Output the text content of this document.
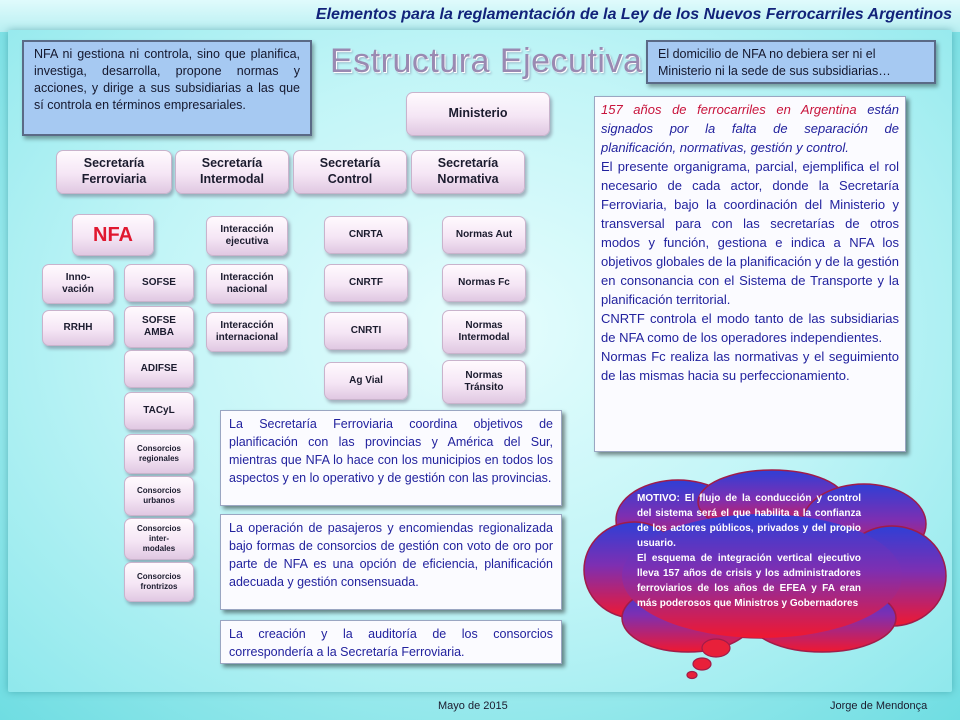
Elementos para la reglamentación de la Ley de los Nuevos Ferrocarriles Argentinos
Estructura Ejecutiva
NFA ni gestiona ni controla, sino que planifica, investiga, desarrolla, propone normas y acciones, y dirige a sus subsidiarias a las que sí controla en términos empresariales.
El domicilio de NFA no debiera ser ni el Ministerio ni la sede de sus subsidiarias…
Ministerio
Secretaría
Ferroviaria
Secretaría
Intermodal
Secretaría
Control
Secretaría
Normativa
NFA
Inno-
vación
RRHH
SOFSE
SOFSE
AMBA
ADIFSE
TACyL
Consorcios
regionales
Consorcios
urbanos
Consorcios
inter-
modales
Consorcios
frontrizos
Interacción
ejecutiva
Interacción
nacional
Interacción
internacional
CNRTA
CNRTF
CNRTI
Ag Vial
Normas Aut
Normas Fc
Normas
Intermodal
Normas
Tránsito
La Secretaría Ferroviaria coordina objetivos de planificación con las provincias y América del Sur, mientras que NFA lo hace con los municipios en todos los aspectos y en lo operativo y de gestión con las provincias.
La operación de pasajeros y encomiendas regionalizada bajo formas de consorcios de gestión con voto de oro por parte de NFA es una opción de eficiencia, planificación adecuada y gestión consensuada.
La creación y la auditoría de los consorcios correspondería a la Secretaría Ferroviaria.

157 años de ferrocarriles en Argentina están signados por la falta de separación de planificación, normativas, gestión y control.

El presente organigrama, parcial, ejemplifica el rol necesario de cada actor, donde la Secretaría Ferroviaria, bajo la coordinación del Ministerio y transversal para con las secretarías de otros modos y función, gestiona e indica a NFA los objetivos globales de la planificación y de la gestión en consonancia con el Sistema de Transporte y la planificación territorial.

CNRTF controla el modo tanto de las subsidiarias de NFA como de los operadores independientes.

Normas Fc realiza las normativas y el seguimiento de las mismas hacia su perfeccionamiento.

MOTIVO: El flujo de la conducción y control del sistema será el que habilita a la confianza de los actores públicos, privados y del propio usuario.

El esquema de integración vertical ejecutivo lleva 157 años de crisis y los administradores ferroviarios de los años de EFEA y FA eran más poderosos que Ministros y Gobernadores

Mayo de 2015	Jorge de Mendonça
